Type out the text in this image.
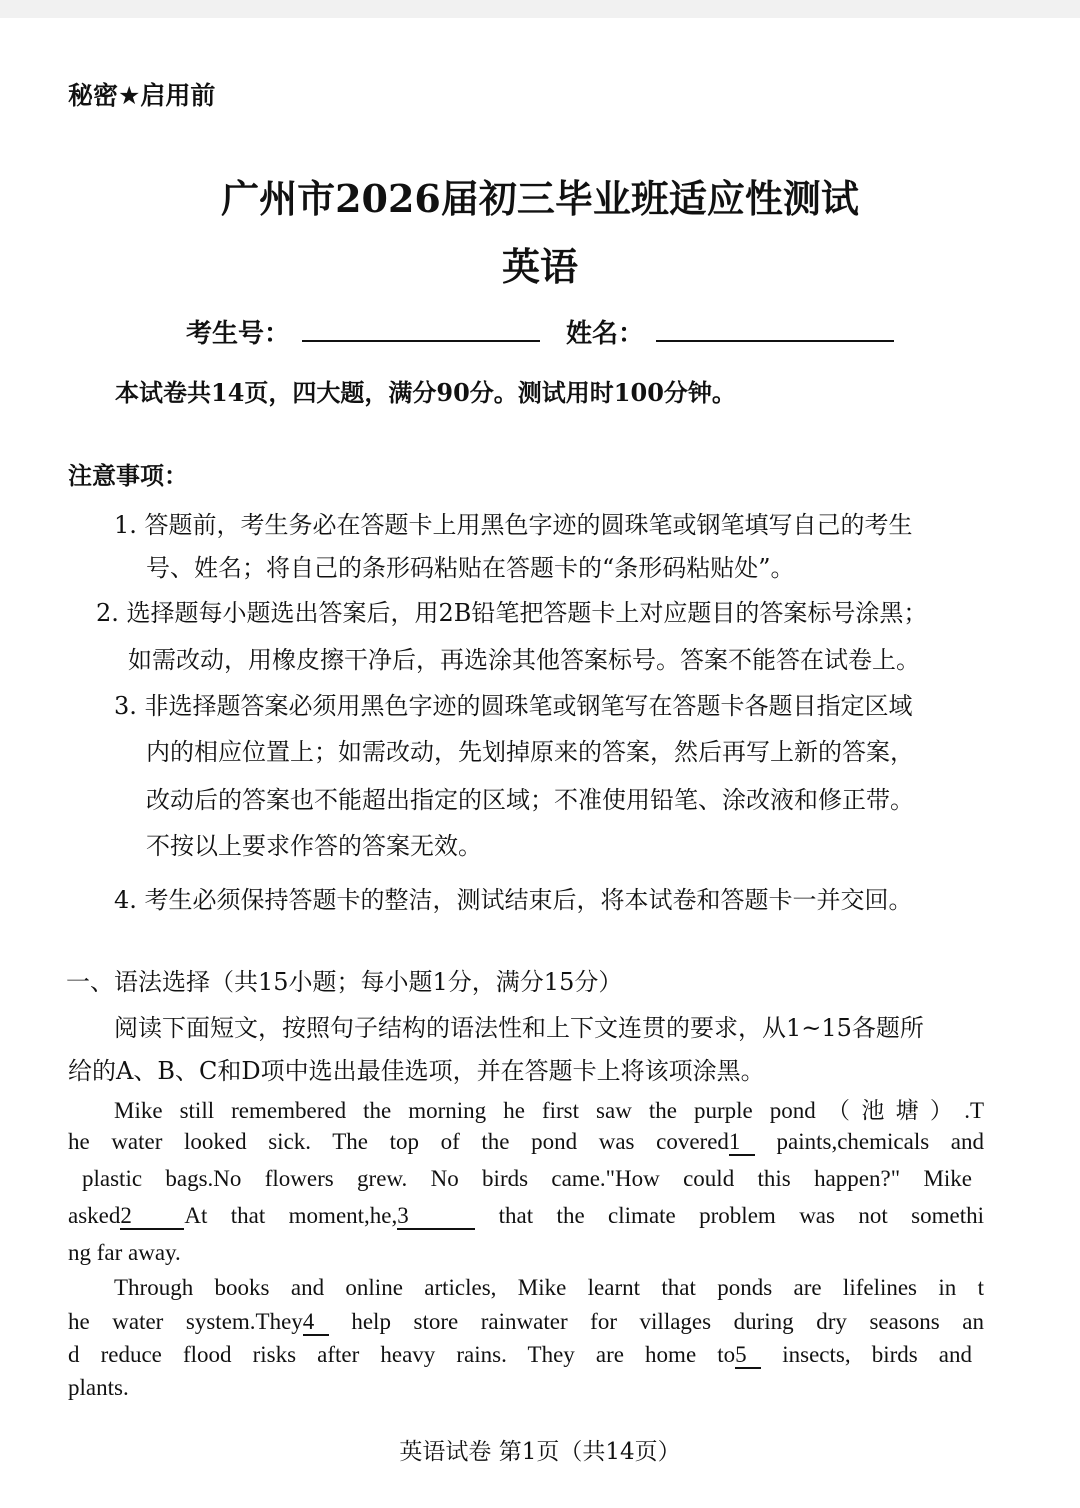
秘密★启用前
广州市2026届初三毕业班适应性测试
英语
考生号：	姓名：
本试卷共14页，四大题，满分90分。测试用时100分钟。
注意事项：
1. 答题前，考生务必在答题卡上用黑色字迹的圆珠笔或钢笔填写自己的考生
号、姓名；将自己的条形码粘贴在答题卡的“条形码粘贴处”。
2. 选择题每小题选出答案后，用2B铅笔把答题卡上对应题目的答案标号涂黑；
如需改动，用橡皮擦干净后，再选涂其他答案标号。答案不能答在试卷上。
3. 非选择题答案必须用黑色字迹的圆珠笔或钢笔写在答题卡各题目指定区域
内的相应位置上；如需改动，先划掉原来的答案，然后再写上新的答案，
改动后的答案也不能超出指定的区域；不准使用铅笔、涂改液和修正带。
不按以上要求作答的答案无效。
4. 考生必须保持答题卡的整洁，测试结束后，将本试卷和答题卡一并交回。
一、语法选择（共15小题；每小题1分，满分15分）
阅读下面短文，按照句子结构的语法性和上下文连贯的要求，从1~15各题所
给的A、B、C和D项中选出最佳选项，并在答题卡上将该项涂黑。
Mike still remembered the morning he first saw the purple pond（池塘）.T
he water looked sick. The top of the pond was covered1 paints,chemicals and
plastic bags.No flowers grew. No birds came."How could this happen?" Mike
asked2 At that moment,he,3	that the climate problem was not somethi
ng far away.
Through books and online articles, Mike learnt that ponds are lifelines in t
he water system.They4 help store rainwater for villages during dry seasons an
d reduce flood risks after heavy rains. They are home to5 insects, birds and
plants.
英语试卷 第1页（共14页）
